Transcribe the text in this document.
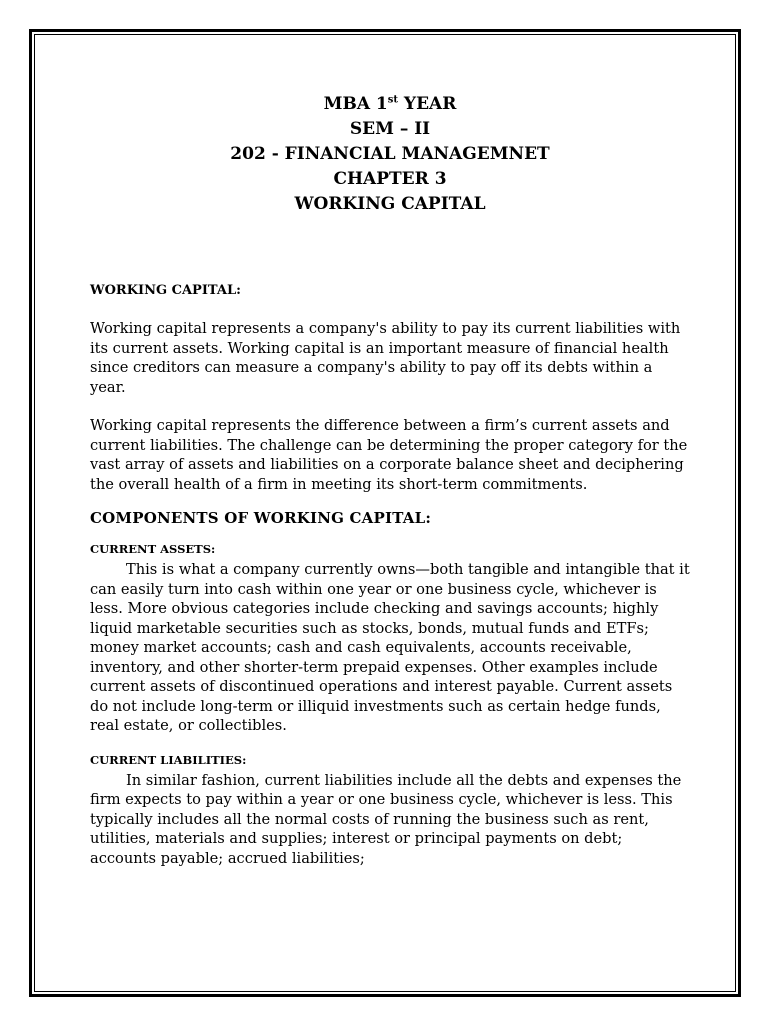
MBA 1st YEAR
SEM – II
202 - FINANCIAL MANAGEMNET
CHAPTER 3
WORKING CAPITAL
WORKING CAPITAL:
Working capital represents a company's ability to pay its current liabilities with its current assets. Working capital is an important measure of financial health since creditors can measure a company's ability to pay off its debts within a year.
Working capital represents the difference between a firm’s current assets and current liabilities. The challenge can be determining the proper category for the vast array of assets and liabilities on a corporate balance sheet and deciphering the overall health of a firm in meeting its short-term commitments.
COMPONENTS OF WORKING CAPITAL:
CURRENT ASSETS:
This is what a company currently owns—both tangible and intangible that it can easily turn into cash within one year or one business cycle, whichever is less. More obvious categories include checking and savings accounts; highly liquid marketable securities such as stocks, bonds, mutual funds and ETFs; money market accounts; cash and cash equivalents, accounts receivable, inventory, and other shorter-term prepaid expenses. Other examples include current assets of discontinued operations and interest payable. Current assets do not include long-term or illiquid investments such as certain hedge funds, real estate, or collectibles.
CURRENT LIABILITIES:
In similar fashion, current liabilities include all the debts and expenses the firm expects to pay within a year or one business cycle, whichever is less. This typically includes all the normal costs of running the business such as rent, utilities, materials and supplies; interest or principal payments on debt; accounts payable; accrued liabilities;
